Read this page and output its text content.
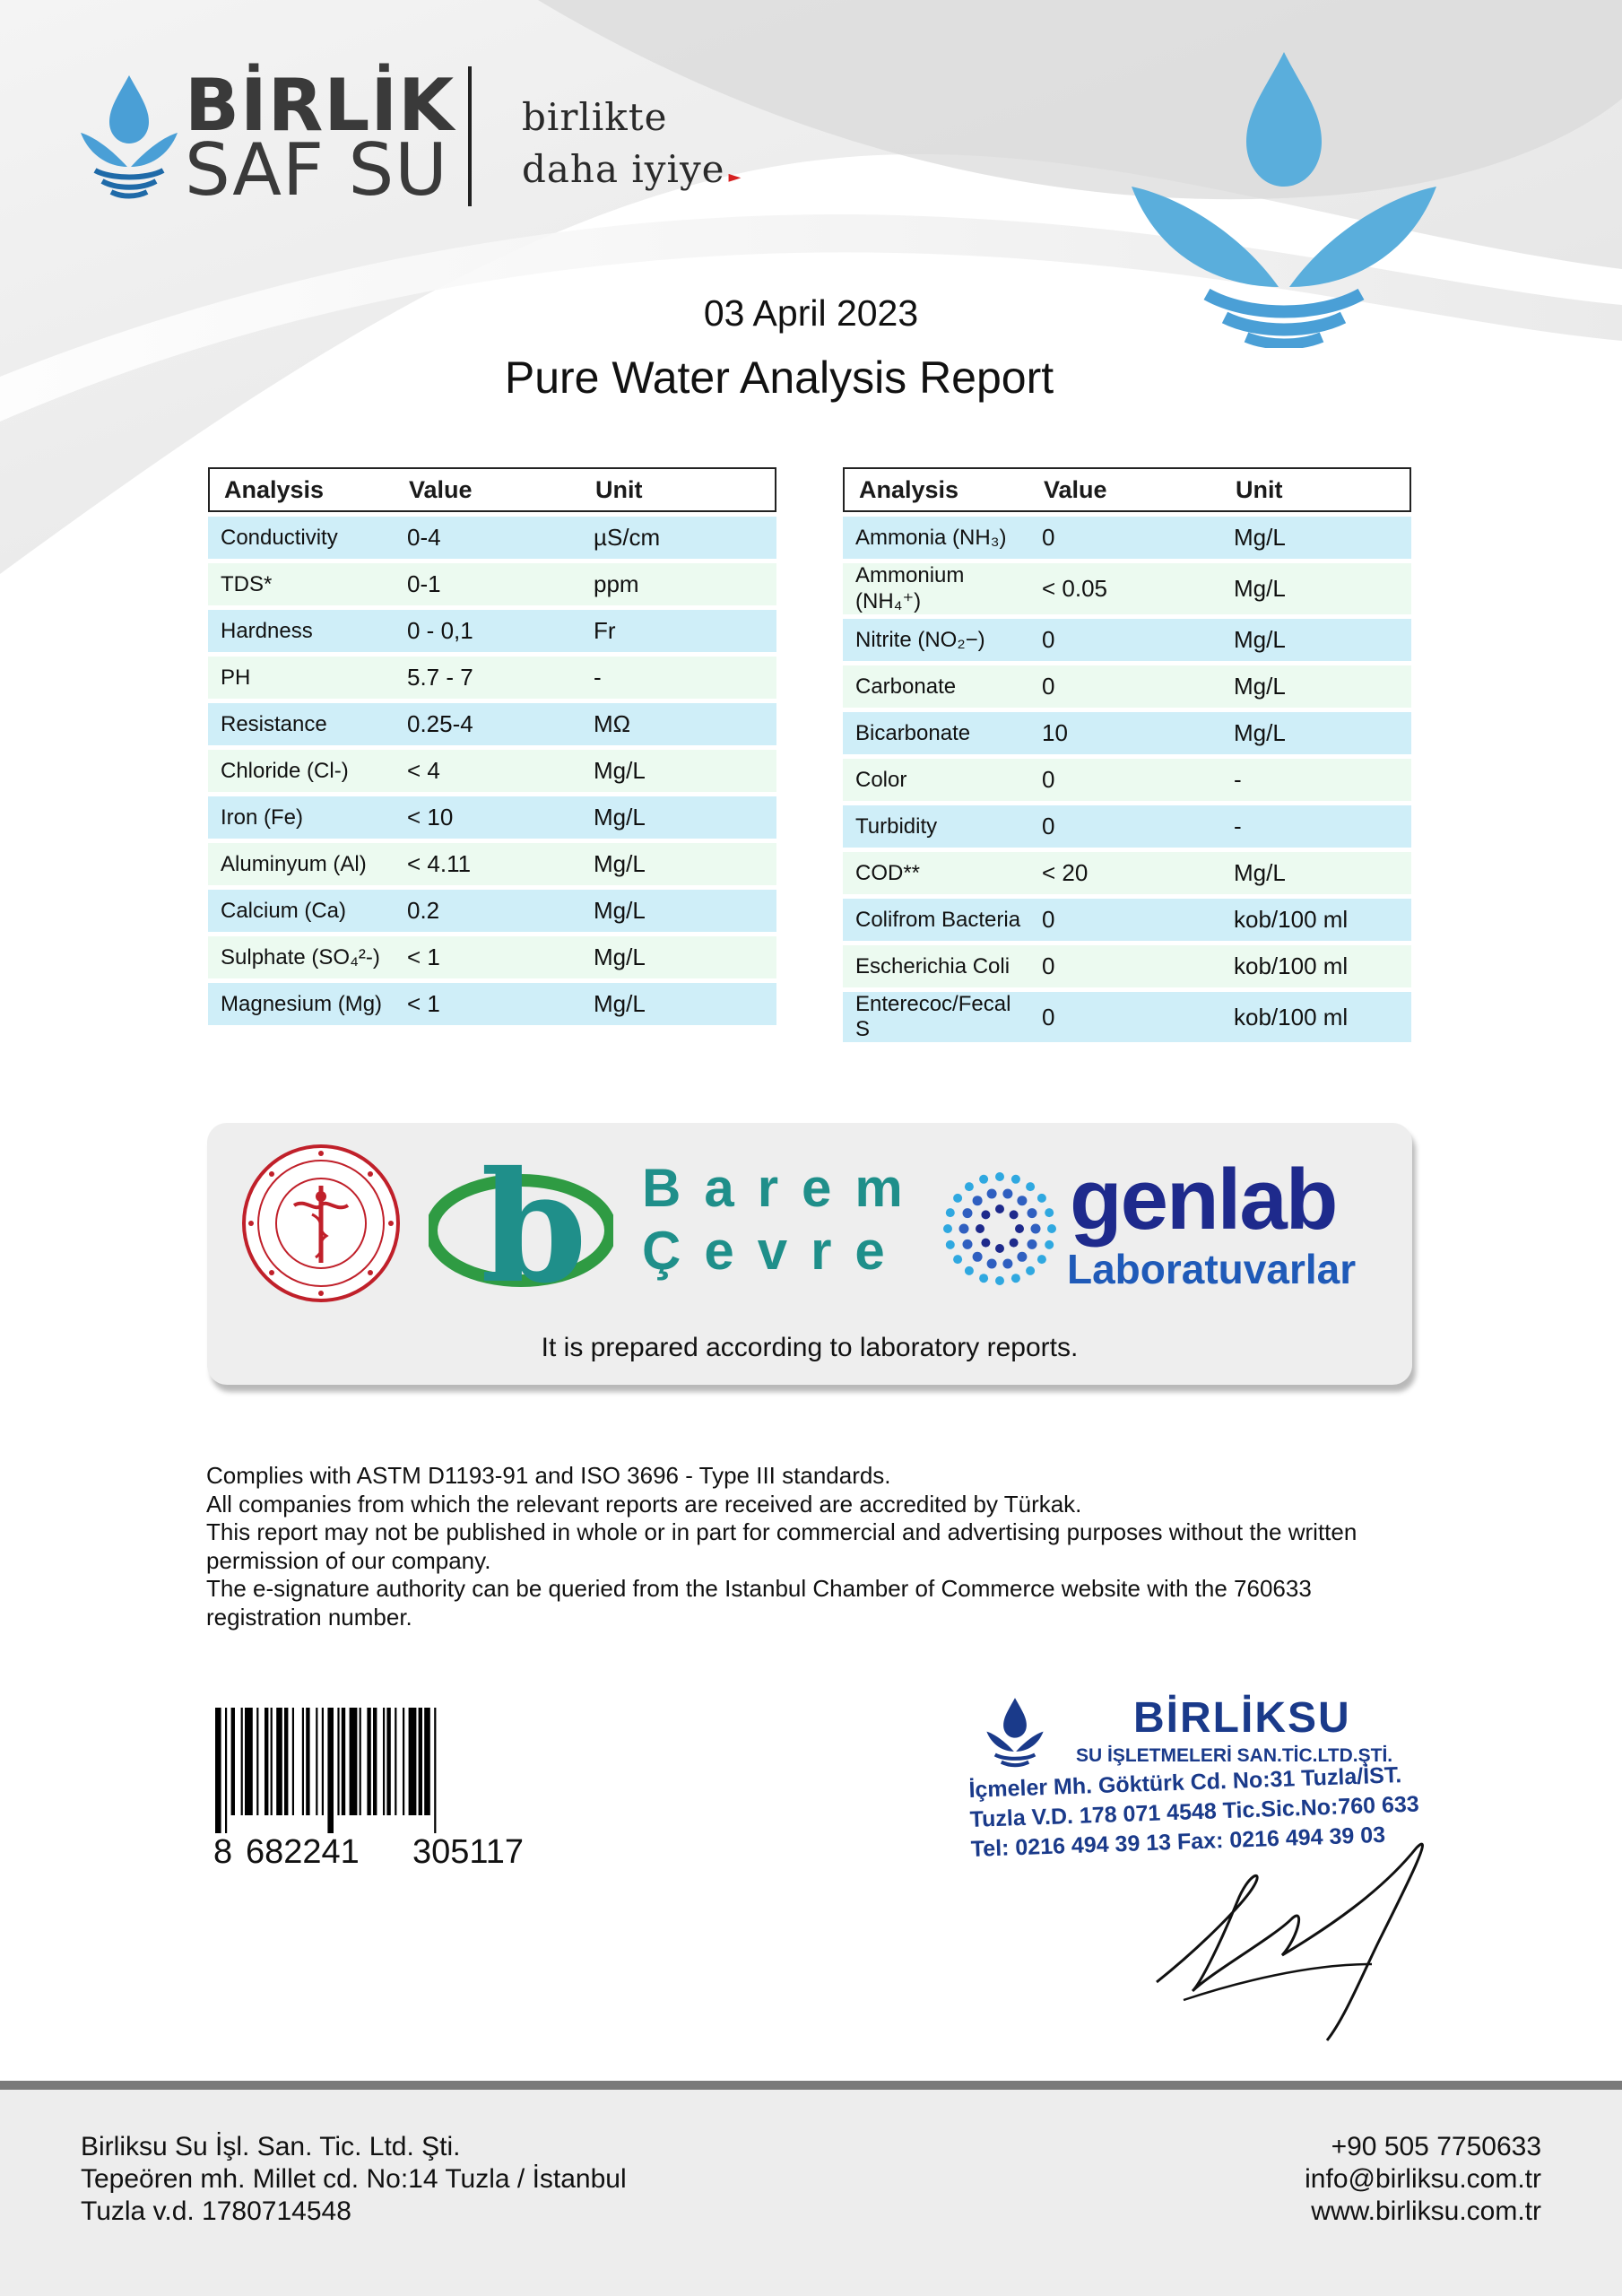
BİRLİK
SAF SU
birlikte
daha iyiye ►
03 April 2023
Pure Water Analysis Report
Analysis	Value	Unit
Conductivity	0-4	µS/cm
TDS*	0-1	ppm
Hardness	0 - 0,1	Fr
PH	5.7 - 7	-
Resistance	0.25-4	MΩ
Chloride (Cl-)	< 4	Mg/L
Iron (Fe)	< 10	Mg/L
Aluminyum (Al)	< 4.11	Mg/L
Calcium (Ca)	0.2	Mg/L
Sulphate (SO₄²-)	< 1	Mg/L
Magnesium (Mg)	< 1	Mg/L
Analysis	Value	Unit
Ammonia (NH₃)	0	Mg/L
Ammonium (NH₄⁺)	< 0.05	Mg/L
Nitrite (NO₂−)	0	Mg/L
Carbonate	0	Mg/L
Bicarbonate	10	Mg/L
Color	0	-
Turbidity	0	-
COD**	< 20	Mg/L
Colifrom Bacteria	0	kob/100 ml
Escherichia Coli	0	kob/100 ml
Enterecoc/Fecal S	0	kob/100 ml
b Barem
Çevre
genlab
Laboratuvarlar
It is prepared according to laboratory reports.

Complies with ASTM D1193-91 and ISO 3696 - Type III standards.

All companies from which the relevant reports are received are accredited by Türkak.

This report may not be published in whole or in part for commercial and advertising purposes without the written permission of our company.

The e-signature authority can be queried from the Istanbul Chamber of Commerce website with the 760633 registration number.

8 682241 305117
BİRLİKSU
SU İŞLETMELERİ SAN.TİC.LTD.ŞTİ.
İçmeler Mh. Göktürk Cd. No:31 Tuzla/İST.
Tuzla V.D. 178 071 4548 Tic.Sic.No:760 633
Tel: 0216 494 39 13 Fax: 0216 494 39 03
Birliksu Su İşl. San. Tic. Ltd. Şti.
Tepeören mh. Millet cd. No:14 Tuzla / İstanbul
Tuzla v.d. 1780714548
+90 505 7750633
info@birliksu.com.tr
www.birliksu.com.tr
